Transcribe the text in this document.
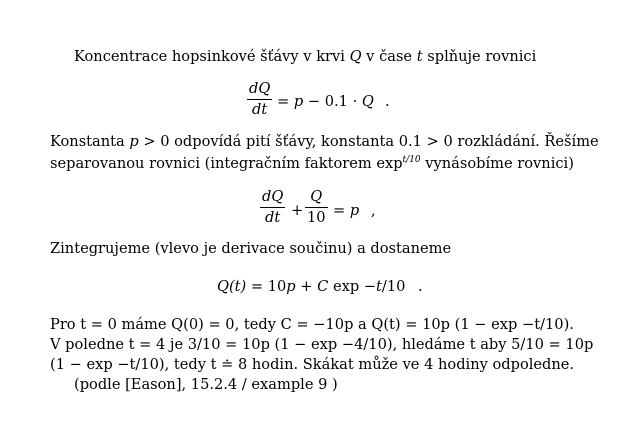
Koncentrace hopsinkové šťávy v krvi Q v čase t splňuje rovnici
dQ
dt = p − 0.1 · Q .
Konstanta p > 0 odpovídá pití šťávy, konstanta 0.1 > 0 rozkládání. Řešíme
separovanou rovnici (integračním faktorem $\exp^{t/10}$ vynásobíme rovnici)
dQ
dt +
Q
10 = p ,
Zintegrujeme (vlevo je derivace součinu) a dostaneme
Q(t) = 10p + C exp −t/10 .
Pro t = 0 máme Q(0) = 0, tedy C = −10p a Q(t) = 10p (1 − exp −t/10).
V poledne t = 4 je 3/10 = 10p (1 − exp −4/10), hledáme t aby 5/10 = 10p
(1 − exp −t/10), tedy t ≐ 8 hodin. Skákat může ve 4 hodiny odpoledne.
(podle [Eason], 15.2.4 / example 9 )
